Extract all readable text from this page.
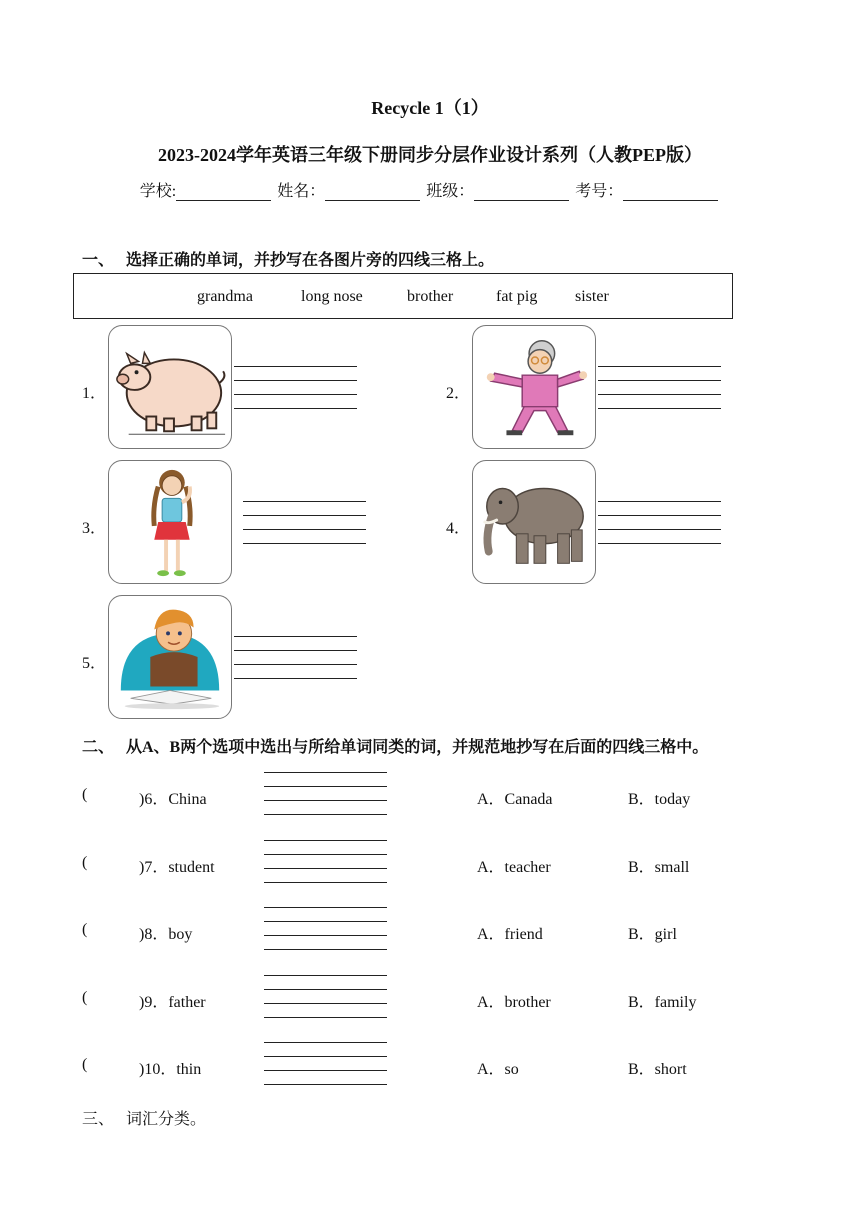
Recycle 1（1）
2023-2024学年英语三年级下册同步分层作业设计系列（人教PEP版）
学校:	姓名：	班级：	考号：
一、 选择正确的单词，并抄写在各图片旁的四线三格上。
grandma	long nose	brother	fat pig sister
1．	2．
3．	4．
5．
二、 从A、B两个选项中选出与所给单词同类的词，并规范地抄写在后面的四线三格中。
(	)6．China	A．Canada	B．today
(	)7．student	A．teacher	B．small
(	)8．boy	A．friend	B．girl
(	)9．father	A．brother	B．family
(	)10．thin	A．so	B．short
三、 词汇分类。
